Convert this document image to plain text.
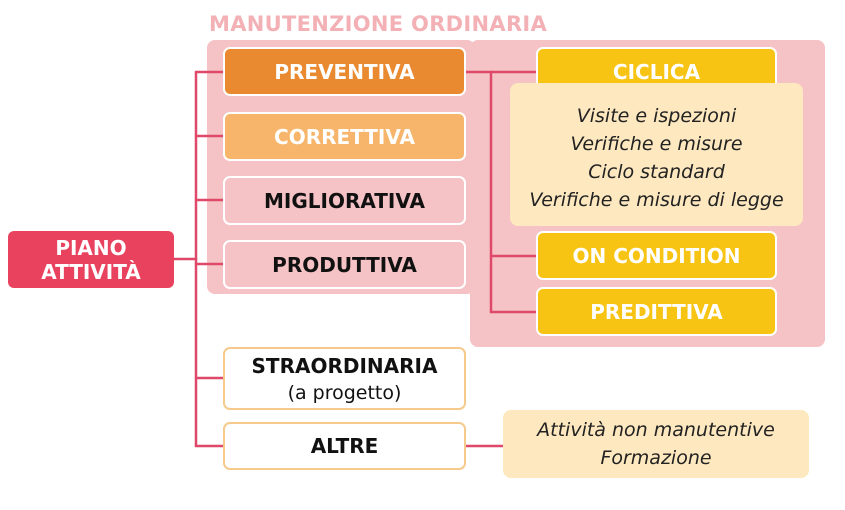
MANUTENZIONE ORDINARIA
PIANO
ATTIVITÀ
PREVENTIVA
CORRETTIVA
MIGLIORATIVA
PRODUTTIVA
STRAORDINARIA
(a progetto)
ALTRE
CICLICA
Visite e ispezioni
Verifiche e misure
Ciclo standard
Verifiche e misure di legge
ON CONDITION
PREDITTIVA
Attività non manutentive
Formazione
